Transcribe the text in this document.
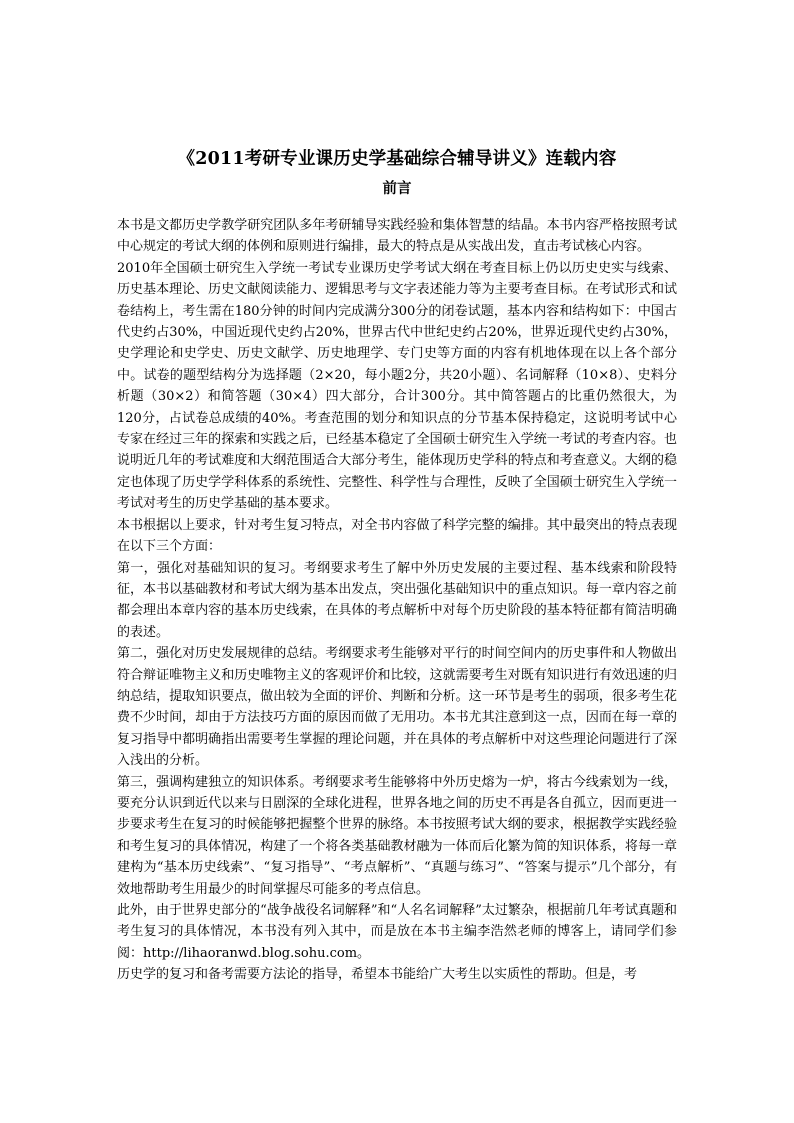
《2011考研专业课历史学基础综合辅导讲义》连载内容
前言

本书是文都历史学教学研究团队多年考研辅导实践经验和集体智慧的结晶。本书内容严格按照考试中心规定的考试大纲的体例和原则进行编排，最大的特点是从实战出发，直击考试核心内容。

2010年全国硕士研究生入学统一考试专业课历史学考试大纲在考查目标上仍以历史史实与线索、历史基本理论、历史文献阅读能力、逻辑思考与文字表述能力等为主要考查目标。在考试形式和试卷结构上，考生需在180分钟的时间内完成满分300分的闭卷试题，基本内容和结构如下：中国古代史约占30%，中国近现代史约占20%，世界古代中世纪史约占20%，世界近现代史约占30%，史学理论和史学史、历史文献学、历史地理学、专门史等方面的内容有机地体现在以上各个部分中。试卷的题型结构分为选择题（2×20，每小题2分，共20小题）、名词解释（10×8）、史料分析题（30×2）和简答题（30×4）四大部分，合计300分。其中简答题占的比重仍然很大，为120分，占试卷总成绩的40%。考查范围的划分和知识点的分节基本保持稳定，这说明考试中心专家在经过三年的探索和实践之后，已经基本稳定了全国硕士研究生入学统一考试的考查内容。也说明近几年的考试难度和大纲范围适合大部分考生，能体现历史学科的特点和考查意义。大纲的稳定也体现了历史学学科体系的系统性、完整性、科学性与合理性，反映了全国硕士研究生入学统一考试对考生的历史学基础的基本要求。

本书根据以上要求，针对考生复习特点，对全书内容做了科学完整的编排。其中最突出的特点表现在以下三个方面：

第一，强化对基础知识的复习。考纲要求考生了解中外历史发展的主要过程、基本线索和阶段特征，本书以基础教材和考试大纲为基本出发点，突出强化基础知识中的重点知识。每一章内容之前都会理出本章内容的基本历史线索，在具体的考点解析中对每个历史阶段的基本特征都有简洁明确的表述。

第二，强化对历史发展规律的总结。考纲要求考生能够对平行的时间空间内的历史事件和人物做出符合辩证唯物主义和历史唯物主义的客观评价和比较，这就需要考生对既有知识进行有效迅速的归纳总结，提取知识要点，做出较为全面的评价、判断和分析。这一环节是考生的弱项，很多考生花费不少时间，却由于方法技巧方面的原因而做了无用功。本书尤其注意到这一点，因而在每一章的复习指导中都明确指出需要考生掌握的理论问题，并在具体的考点解析中对这些理论问题进行了深入浅出的分析。

第三，强调构建独立的知识体系。考纲要求考生能够将中外历史熔为一炉，将古今线索划为一线，要充分认识到近代以来与日剧深的全球化进程，世界各地之间的历史不再是各自孤立，因而更进一步要求考生在复习的时候能够把握整个世界的脉络。本书按照考试大纲的要求，根据教学实践经验和考生复习的具体情况，构建了一个将各类基础教材融为一体而后化繁为简的知识体系，将每一章建构为“基本历史线索”、“复习指导”、“考点解析”、“真题与练习”、“答案与提示”几个部分，有效地帮助考生用最少的时间掌握尽可能多的考点信息。

此外，由于世界史部分的“战争战役名词解释”和“人名名词解释”太过繁杂，根据前几年考试真题和考生复习的具体情况，本书没有列入其中，而是放在本书主编李浩然老师的博客上，请同学们参阅：http://lihaoranwd.blog.sohu.com。

历史学的复习和备考需要方法论的指导，希望本书能给广大考生以实质性的帮助。但是，考
